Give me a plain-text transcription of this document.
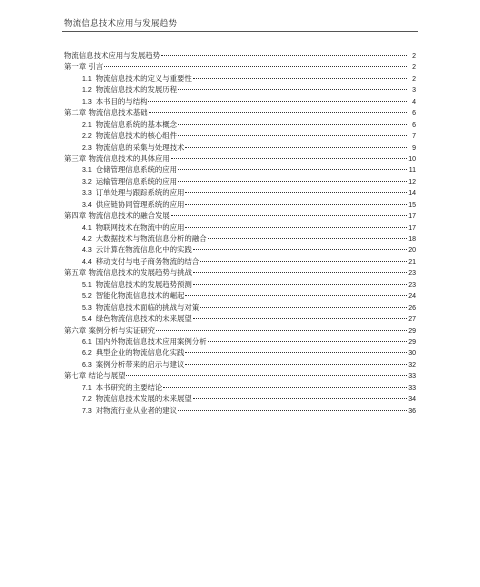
物流信息技术应用与发展趋势
物流信息技术应用与发展趋势	2
第一章 引言	2
1.1 物流信息技术的定义与重要性	2
1.2 物流信息技术的发展历程	3
1.3 本书目的与结构	4
第二章 物流信息技术基础	6
2.1 物流信息系统的基本概念	6
2.2 物流信息技术的核心组件	7
2.3 物流信息的采集与处理技术	9
第三章 物流信息技术的具体应用	10
3.1 仓储管理信息系统的应用	11
3.2 运输管理信息系统的应用	12
3.3 订单处理与跟踪系统的应用	14
3.4 供应链协同管理系统的应用	15
第四章 物流信息技术的融合发展	17
4.1 物联网技术在物流中的应用	17
4.2 大数据技术与物流信息分析的融合	18
4.3 云计算在物流信息化中的实践	20
4.4 移动支付与电子商务物流的结合	21
第五章 物流信息技术的发展趋势与挑战	23
5.1 物流信息技术的发展趋势预测	23
5.2 智能化物流信息技术的崛起	24
5.3 物流信息技术面临的挑战与对策	26
5.4 绿色物流信息技术的未来展望	27
第六章 案例分析与实证研究	29
6.1 国内外物流信息技术应用案例分析	29
6.2 典型企业的物流信息化实践	30
6.3 案例分析带来的启示与建议	32
第七章 结论与展望	33
7.1 本书研究的主要结论	33
7.2 物流信息技术发展的未来展望	34
7.3 对物流行业从业者的建议	36
